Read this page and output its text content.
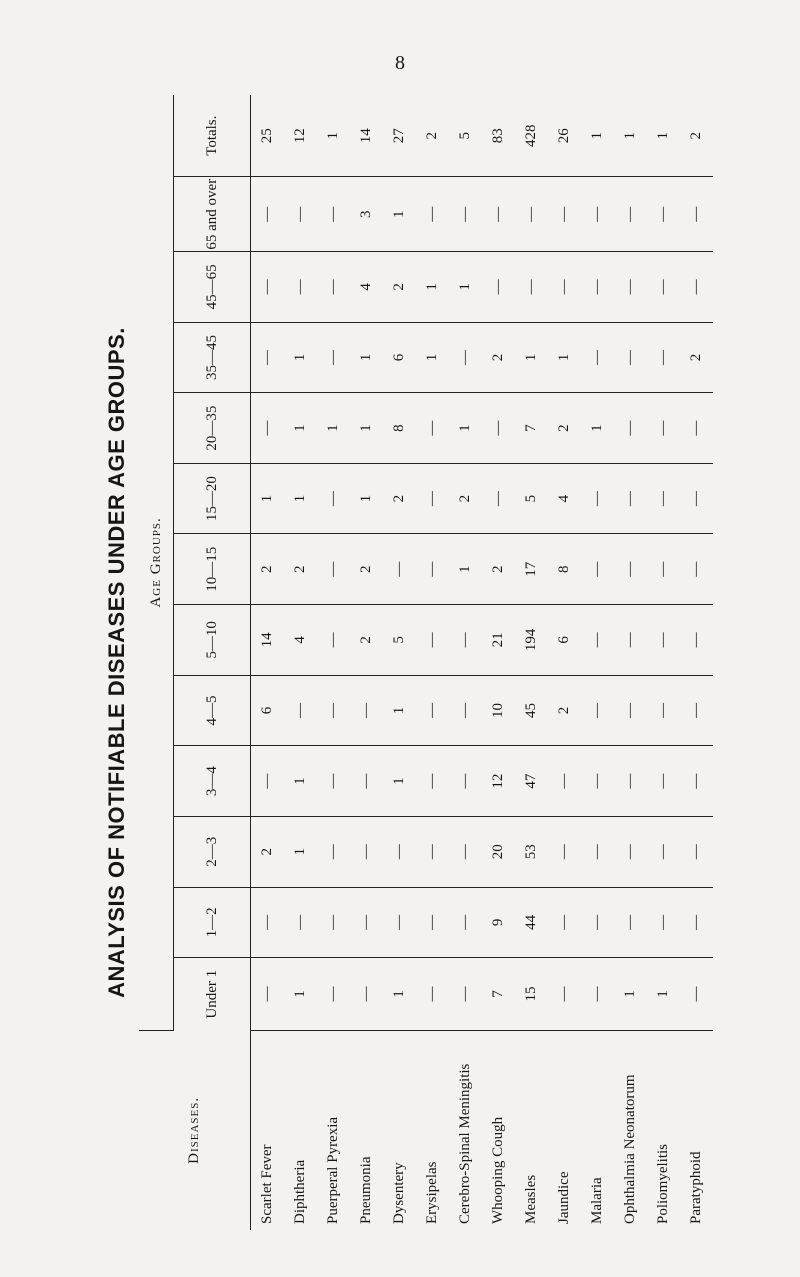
8
ANALYSIS OF NOTIFIABLE DISEASES UNDER AGE GROUPS.
Diseases.	Age Groups.												
	Under 1	1—2	2—3	3—4	4—5	5—10	10—15	15—20	20—35	35—45	45—65	65 and over	Totals.
Scarlet Fever	—	—	2	—	6	14	2	1	—	—	—	—	25
Diphtheria	1	—	1	1	—	4	2	1	1	1	—	—	12
Puerperal Pyrexia	—	—	—	—	—	—	—	—	1	—	—	—	1
Pneumonia	—	—	—	—	—	2	2	1	1	1	4	3	14
Dysentery	1	—	—	1	1	5	—	2	8	6	2	1	27
Erysipelas	—	—	—	—	—	—	—	—	—	1	1	—	2
Cerebro-Spinal Meningitis	—	—	—	—	—	—	1	2	1	—	1	—	5
Whooping Cough	7	9	20	12	10	21	2	—	—	2	—	—	83
Measles	15	44	53	47	45	194	17	5	7	1	—	—	428
Jaundice	—	—	—	—	2	6	8	4	2	1	—	—	26
Malaria	—	—	—	—	—	—	—	—	1	—	—	—	1
Ophthalmia Neonatorum	1	—	—	—	—	—	—	—	—	—	—	—	1
Poliomyelitis	1	—	—	—	—	—	—	—	—	—	—	—	1
Paratyphoid	—	—	—	—	—	—	—	—	—	2	—	—	2
